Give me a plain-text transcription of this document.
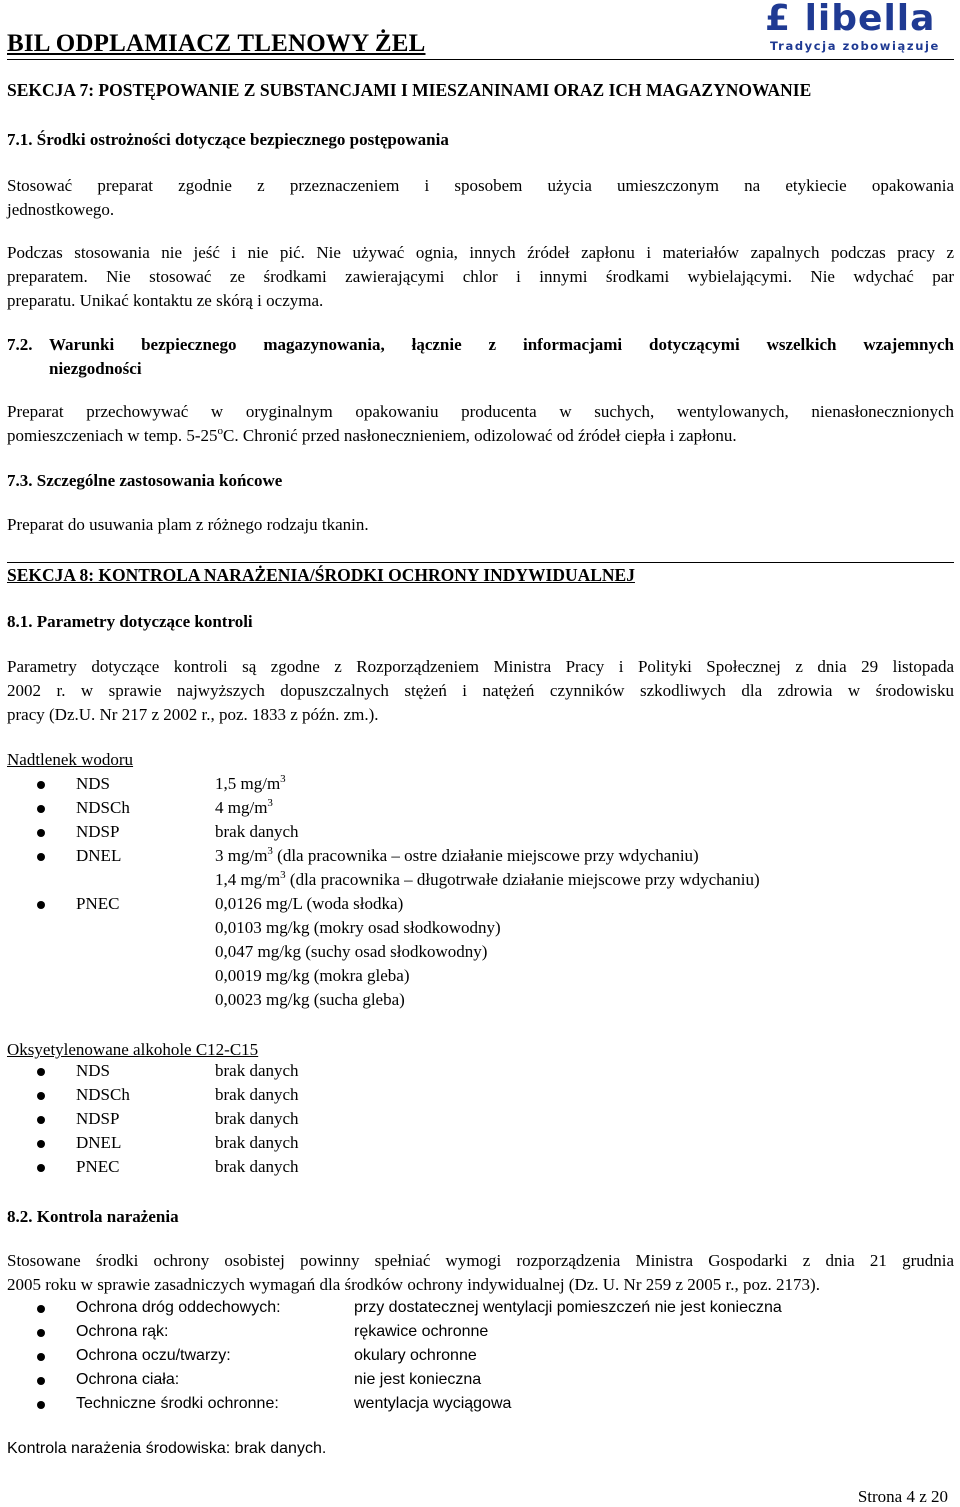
BIL ODPLAMIACZ TLENOWY ŻEL
£ libella
Tradycja zobowiązuje
SEKCJA 7: POSTĘPOWANIE Z SUBSTANCJAMI I MIESZANINAMI ORAZ ICH MAGAZYNOWANIE
7.1. Środki ostrożności dotyczące bezpiecznego postępowania
Stosować preparat zgodnie z przeznaczeniem i sposobem użycia umieszczonym na etykiecie opakowania
jednostkowego.
Podczas stosowania nie jeść i nie pić. Nie używać ognia, innych źródeł zapłonu i materiałów zapalnych podczas pracy z
preparatem. Nie stosować ze środkami zawierającymi chlor i innymi środkami wybielającymi. Nie wdychać par
preparatu. Unikać kontaktu ze skórą i oczyma.
7.2. Warunki bezpiecznego magazynowania, łącznie z informacjami dotyczącymi wszelkich wzajemnych
niezgodności
Preparat przechowywać w oryginalnym opakowaniu producenta w suchych, wentylowanych, nienasłonecznionych
pomieszczeniach w temp. 5-25$^o$C. Chronić przed nasłonecznieniem, odizolować od źródeł ciepła i zapłonu.
7.3. Szczególne zastosowania końcowe
Preparat do usuwania plam z różnego rodzaju tkanin.
SEKCJA 8: KONTROLA NARAŻENIA/ŚRODKI OCHRONY INDYWIDUALNEJ
8.1. Parametry dotyczące kontroli
Parametry dotyczące kontroli są zgodne z Rozporządzeniem Ministra Pracy i Polityki Społecznej z dnia 29 listopada
2002 r. w sprawie najwyższych dopuszczalnych stężeń i natężeń czynników szkodliwych dla zdrowia w środowisku
pracy (Dz.U. Nr 217 z 2002 r., poz. 1833 z późn. zm.).
Nadtlenek wodoru
NDS	1,5 $mg/m^3$
NDSCh	4 $mg/m^3$
NDSP	brak danych
DNEL	3 $mg/m^3$ (dla pracownika – ostre działanie miejscowe przy wdychaniu)
1,4 $mg/m^3$ (dla pracownika – długotrwałe działanie miejscowe przy wdychaniu)
PNEC	0,0126 mg/L (woda słodka)
0,0103 mg/kg (mokry osad słodkowodny)
0,047 mg/kg (suchy osad słodkowodny)
0,0019 mg/kg (mokra gleba)
0,0023 mg/kg (sucha gleba)
Oksyetylenowane alkohole C12-C15
NDS	brak danych
NDSCh	brak danych
NDSP	brak danych
DNEL	brak danych
PNEC	brak danych
8.2. Kontrola narażenia
Stosowane środki ochrony osobistej powinny spełniać wymogi rozporządzenia Ministra Gospodarki z dnia 21 grudnia
2005 roku w sprawie zasadniczych wymagań dla środków ochrony indywidualnej (Dz. U. Nr 259 z 2005 r., poz. 2173).
Ochrona dróg oddechowych:	przy dostatecznej wentylacji pomieszczeń nie jest konieczna
Ochrona rąk:	rękawice ochronne
Ochrona oczu/twarzy:	okulary ochronne
Ochrona ciała:	nie jest konieczna
Techniczne środki ochronne:	wentylacja wyciągowa
Kontrola narażenia środowiska: brak danych.
Strona 4 z 20
